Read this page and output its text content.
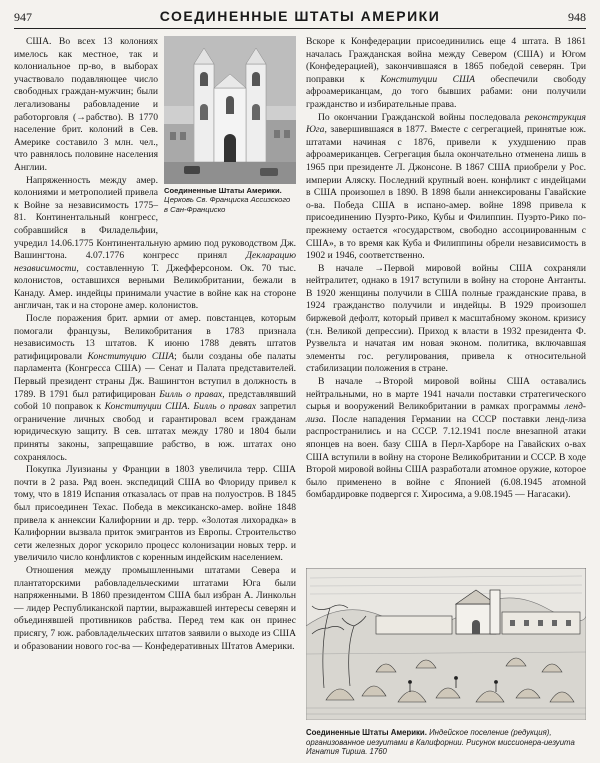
947	СОЕДИНЕННЫЕ ШТАТЫ АМЕРИКИ	948
Соединенные Штаты Америки. Церковь Св. Франциска Ассизского в Сан-Франциско

США. Во всех 13 колониях имелось как местное, так и колониальное пр-во, в выборах участвовало подавляющее число свободных граждан-мужчин; были легализованы рабовладение и работорговля (→рабство). В 1770 население брит. колоний в Сев. Америке составило 3 млн. чел., что равнялось половине населения Англии.

Напряженность между амер. колониями и метрополией привела к Войне за независимость 1775–81. Континентальный конгресс, собравшийся в Филадельфии, учредил 14.06.1775 Континентальную армию под руководством Дж. Вашингтона. 4.07.1776 конгресс принял Декларацию независимости, составленную Т. Джефферсоном. Ок. 70 тыс. колонистов, оставшихся верными Великобритании, бежали в Канаду. Амер. индейцы принимали участие в войне как на стороне англичан, так и на стороне амер. колонистов.

После поражения брит. армии от амер. повстанцев, которым помогали французы, Великобритания в 1783 признала независимость 13 штатов. К июню 1788 девять штатов ратифицировали Конституцию США; были созданы обе палаты парламента (Конгресса США) — Сенат и Палата представителей. Первый президент страны Дж. Вашингтон вступил в должность в 1789. В 1791 был ратифицирован Билль о правах, представлявший собой 10 поправок к Конституции США. Билль о правах запретил ограничение личных свобод и гарантировал всем гражданам юридическую защиту. В сев. штатах между 1780 и 1804 были приняты законы, запрещавшие рабство, в юж. штатах оно сохранялось.

Покупка Луизианы у Франции в 1803 увеличила терр. США почти в 2 раза. Ряд воен. экспедиций США во Флориду привел к тому, что в 1819 Испания отказалась от прав на полуостров. В 1845 был присоединен Техас. Победа в мексиканско-амер. войне 1848 привела к аннексии Калифорнии и др. терр. «Золотая лихорадка» в Калифорнии вызвала приток эмигрантов из Европы. Строительство сети железных дорог ускорило процесс колонизации новых терр. и увеличило число конфликтов с коренным индейским населением.

Отношения между промышленными штатами Севера и плантаторскими рабовладельческими штатами Юга были напряженными. В 1860 президентом США был избран А. Линкольн — лидер Республиканской партии, выражавшей интересы северян и объединявшей противников рабства. Перед тем как он принес присягу, 7 юж. рабовладельческих штатов заявили о выходе из США и образовании нового гос-ва — Конфедеративных Штатов Америки.

Вскоре к Конфедерации присоединились еще 4 штата. В 1861 началась Гражданская война между Севером (США) и Югом (Конфедерацией), закончившаяся в 1865 победой северян. Три поправки к Конституции США обеспечили свободу афроамериканцам, до того бывших рабами: они получили гражданство и избирательные права.

По окончании Гражданской войны последовала реконструкция Юга, завершившаяся в 1877. Вместе с сегрегацией, принятые юж. штатами начиная с 1876, привели к ухудшению прав афроамериканцев. Сегрегация была окончательно отменена лишь в 1965 при президенте Л. Джонсоне. В 1867 США приобрели у Рос. империи Аляску. Последний крупный воен. конфликт с индейцами в США произошел в 1890. В 1898 были аннексированы Гавайские о-ва. Победа США в испано-амер. войне 1898 привела к присоединению Пуэрто-Рико, Кубы и Филиппин. Пуэрто-Рико по-прежнему остается «государством, свободно ассоциированным с США», в то время как Куба и Филиппины обрели независимость в 1902 и 1946, соответственно.

В начале →Первой мировой войны США сохраняли нейтралитет, однако в 1917 вступили в войну на стороне Антанты. В 1920 женщины получили в США полные гражданские права, в 1924 гражданство получили и индейцы. В 1929 произошел биржевой дефолт, который привел к масштабному эконом. кризису (т.н. Великой депрессии). Приход к власти в 1932 президента Ф. Рузвельта и начатая им новая эконом. политика, включавшая элементы гос. регулирования, привела к относительной стабилизации положения в стране.

В начале →Второй мировой войны США оставались нейтральными, но в марте 1941 начали поставки стратегического сырья и вооружений Великобритании в рамках программы ленд-лиза. После нападения Германии на СССР поставки ленд-лиза распространились и на СССР. 7.12.1941 после внезапной атаки японцев на воен. базу США в Перл-Харборе на Гавайских о-вах США вступили в войну на стороне Великобритании и СССР. В ходе Второй мировой войны США разработали атомное оружие, которое было применено в войне с Японией (6.08.1945 атомной бомбардировке подвергся г. Хиросима, а 9.08.1945 — Нагасаки).

Соединенные Штаты Америки. Индейское поселение (редукция), организованное иезуитами в Калифорнии. Рисунок миссионера-иезуита Игнатия Тирша. 1760
